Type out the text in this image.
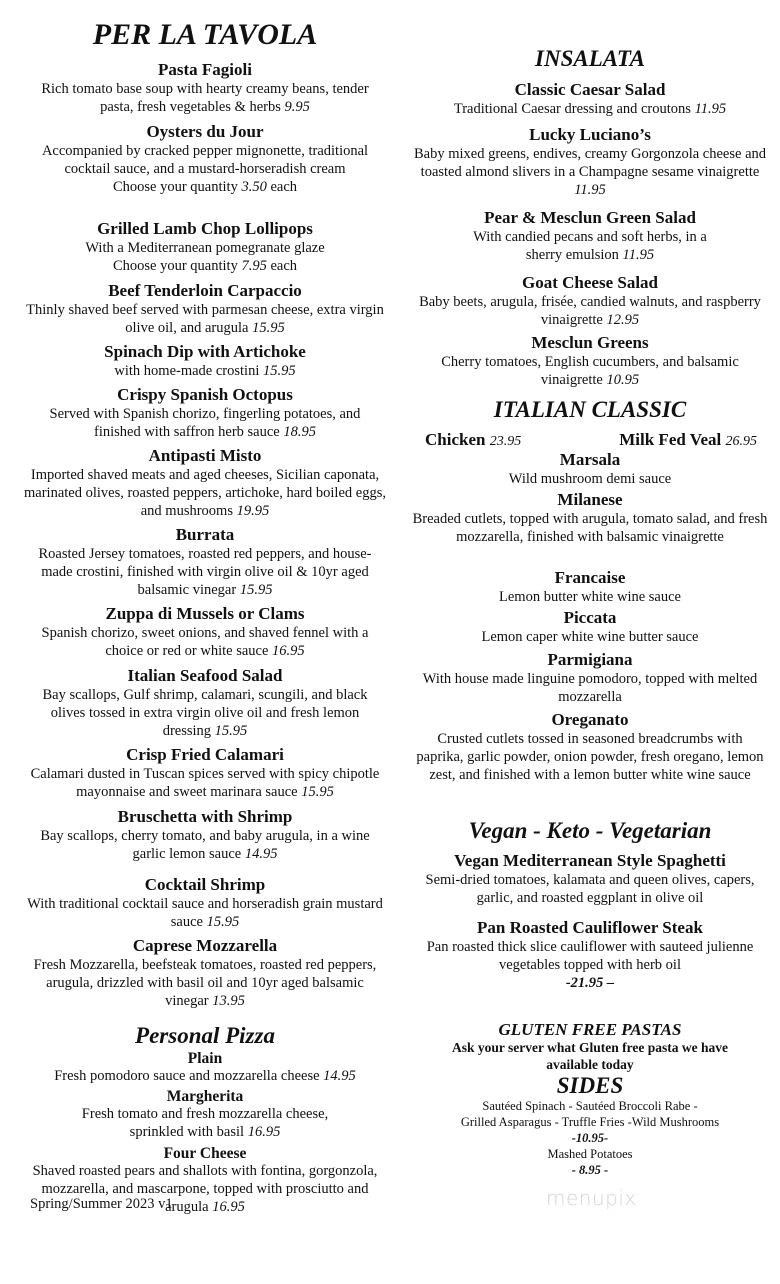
PER LA TAVOLA
Pasta Fagioli
Rich tomato base soup with hearty creamy beans, tender pasta, fresh vegetables & herbs 9.95
Oysters du Jour
Accompanied by cracked pepper mignonette, traditional cocktail sauce, and a mustard-horseradish cream
Choose your quantity 3.50 each
Grilled Lamb Chop Lollipops
With a Mediterranean pomegranate glaze
Choose your quantity 7.95 each
Beef Tenderloin Carpaccio
Thinly shaved beef served with parmesan cheese, extra virgin olive oil, and arugula 15.95
Spinach Dip with Artichoke
with home-made crostini 15.95
Crispy Spanish Octopus
Served with Spanish chorizo, fingerling potatoes, and finished with saffron herb sauce 18.95
Antipasti Misto
Imported shaved meats and aged cheeses, Sicilian caponata, marinated olives, roasted peppers, artichoke, hard boiled eggs, and mushrooms 19.95
Burrata
Roasted Jersey tomatoes, roasted red peppers, and house-made crostini, finished with virgin olive oil & 10yr aged balsamic vinegar 15.95
Zuppa di Mussels or Clams
Spanish chorizo, sweet onions, and shaved fennel with a choice or red or white sauce 16.95
Italian Seafood Salad
Bay scallops, Gulf shrimp, calamari, scungili, and black olives tossed in extra virgin olive oil and fresh lemon dressing 15.95
Crisp Fried Calamari
Calamari dusted in Tuscan spices served with spicy chipotle mayonnaise and sweet marinara sauce 15.95
Bruschetta with Shrimp
Bay scallops, cherry tomato, and baby arugula, in a wine garlic lemon sauce 14.95
Cocktail Shrimp
With traditional cocktail sauce and horseradish grain mustard sauce 15.95
Caprese Mozzarella
Fresh Mozzarella, beefsteak tomatoes, roasted red peppers, arugula, drizzled with basil oil and 10yr aged balsamic vinegar 13.95
Personal Pizza
Plain
Fresh pomodoro sauce and mozzarella cheese 14.95
Margherita
Fresh tomato and fresh mozzarella cheese, sprinkled with basil 16.95
Four Cheese
Shaved roasted pears and shallots with fontina, gorgonzola, mozzarella, and mascarpone, topped with prosciutto and arugula 16.95
Spring/Summer 2023 v1
INSALATA
Classic Caesar Salad
Traditional Caesar dressing and croutons 11.95
Lucky Luciano’s
Baby mixed greens, endives, creamy Gorgonzola cheese and toasted almond slivers in a Champagne sesame vinaigrette 11.95
Pear & Mesclun Green Salad
With candied pecans and soft herbs, in a sherry emulsion 11.95
Goat Cheese Salad
Baby beets, arugula, frisée, candied walnuts, and raspberry vinaigrette 12.95
Mesclun Greens
Cherry tomatoes, English cucumbers, and balsamic vinaigrette 10.95
ITALIAN CLASSIC
Chicken 23.95	Milk Fed Veal 26.95
Marsala
Wild mushroom demi sauce
Milanese
Breaded cutlets, topped with arugula, tomato salad, and fresh mozzarella, finished with balsamic vinaigrette
Francaise
Lemon butter white wine sauce
Piccata
Lemon caper white wine butter sauce
Parmigiana
With house made linguine pomodoro, topped with melted mozzarella
Oreganato
Crusted cutlets tossed in seasoned breadcrumbs with paprika, garlic powder, onion powder, fresh oregano, lemon zest, and finished with a lemon butter white wine sauce
Vegan - Keto - Vegetarian
Vegan Mediterranean Style Spaghetti
Semi-dried tomatoes, kalamata and queen olives, capers, garlic, and roasted eggplant in olive oil
Pan Roasted Cauliflower Steak
Pan roasted thick slice cauliflower with sauteed julienne vegetables topped with herb oil
-21.95 –
GLUTEN FREE PASTAS
Ask your server what Gluten free pasta we have available today
SIDES
Sautéed Spinach - Sautéed Broccoli Rabe -
Grilled Asparagus - Truffle Fries -Wild Mushrooms
-10.95-
Mashed Potatoes
- 8.95 -
menupix
